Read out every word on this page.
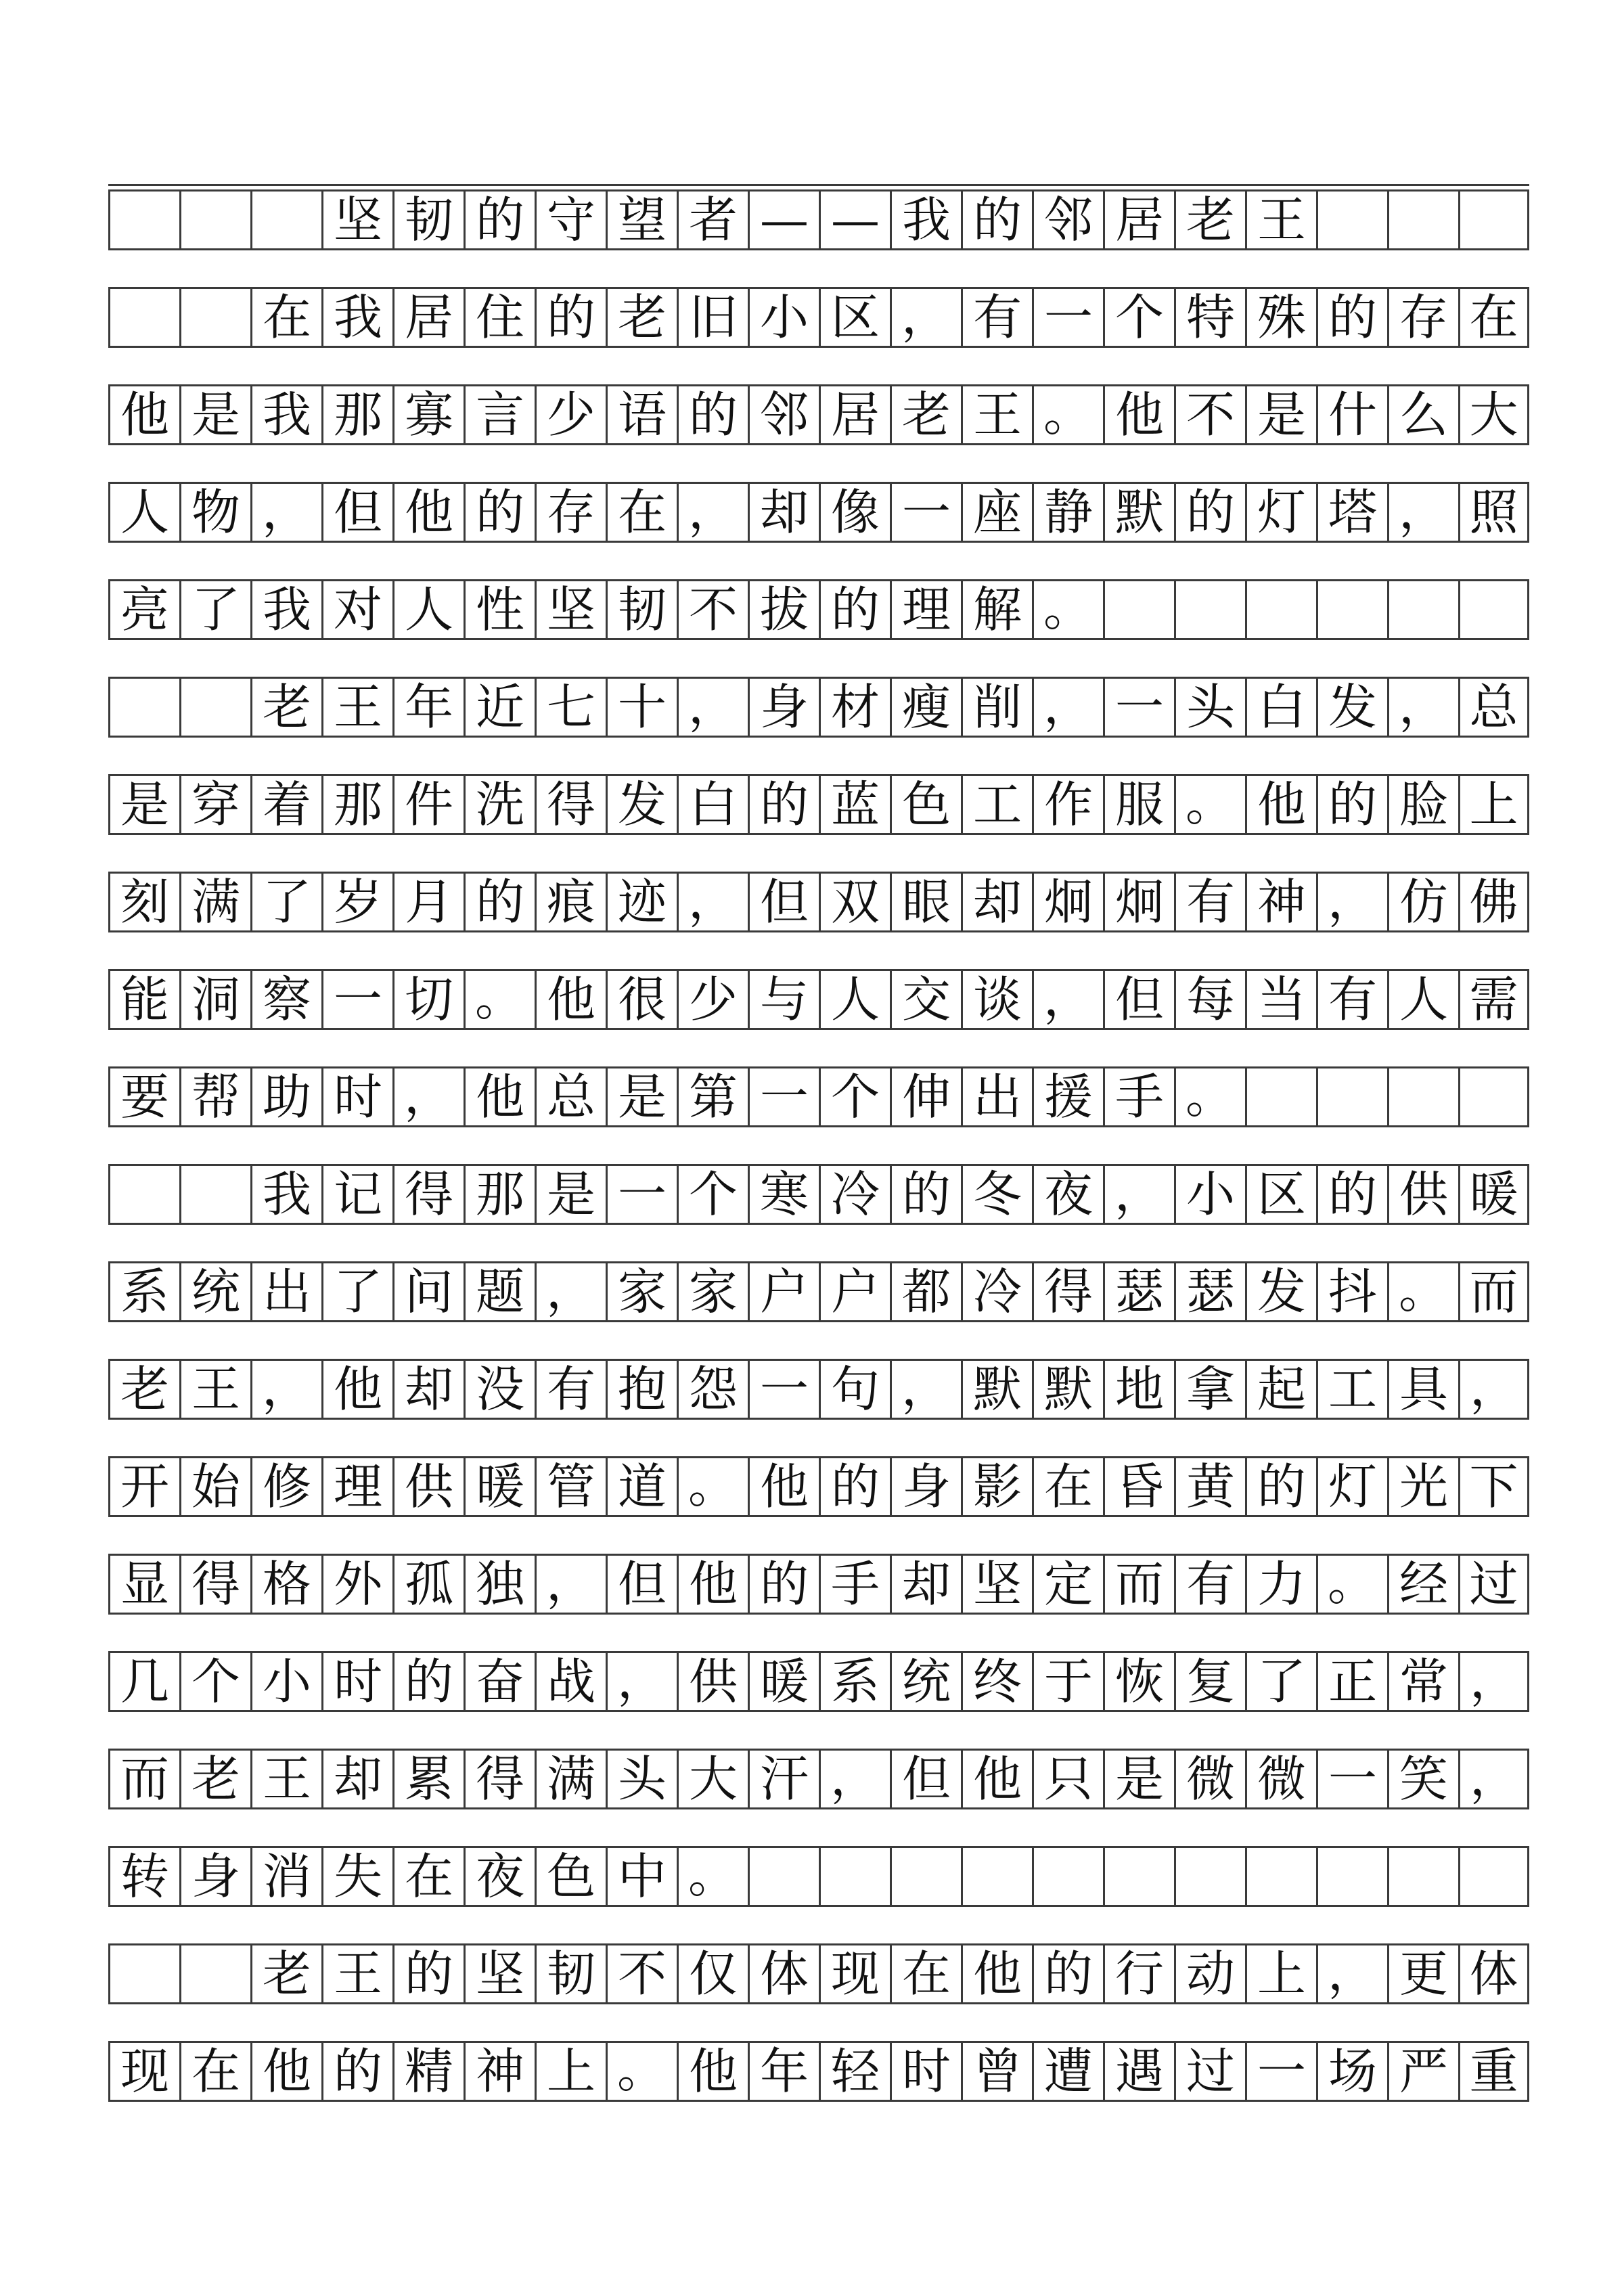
坚 韧 的 守 望 者 — — 我 的 邻 居 老 王
在 我 居 住 的 老 旧 小 区 ， 有 一 个 特 殊 的 存 在
他 是 我 那 寡 言 少 语 的 邻 居 老 王 。 他 不 是 什 么 大
人 物 ， 但 他 的 存 在 ， 却 像 一 座 静 默 的 灯 塔 ， 照
亮 了 我 对 人 性 坚 韧 不 拔 的 理 解 。
老 王 年 近 七 十 ， 身 材 瘦 削 ， 一 头 白 发 ， 总
是 穿 着 那 件 洗 得 发 白 的 蓝 色 工 作 服 。 他 的 脸 上
刻 满 了 岁 月 的 痕 迹 ， 但 双 眼 却 炯 炯 有 神 ， 仿 佛
能 洞 察 一 切 。 他 很 少 与 人 交 谈 ， 但 每 当 有 人 需
要 帮 助 时 ， 他 总 是 第 一 个 伸 出 援 手 。
我 记 得 那 是 一 个 寒 冷 的 冬 夜 ， 小 区 的 供 暖
系 统 出 了 问 题 ， 家 家 户 户 都 冷 得 瑟 瑟 发 抖 。 而
老 王 ， 他 却 没 有 抱 怨 一 句 ， 默 默 地 拿 起 工 具 ，
开 始 修 理 供 暖 管 道 。 他 的 身 影 在 昏 黄 的 灯 光 下
显 得 格 外 孤 独 ， 但 他 的 手 却 坚 定 而 有 力 。 经 过
几 个 小 时 的 奋 战 ， 供 暖 系 统 终 于 恢 复 了 正 常 ，
而 老 王 却 累 得 满 头 大 汗 ， 但 他 只 是 微 微 一 笑 ，
转 身 消 失 在 夜 色 中 。
老 王 的 坚 韧 不 仅 体 现 在 他 的 行 动 上 ， 更 体
现 在 他 的 精 神 上 。 他 年 轻 时 曾 遭 遇 过 一 场 严 重
